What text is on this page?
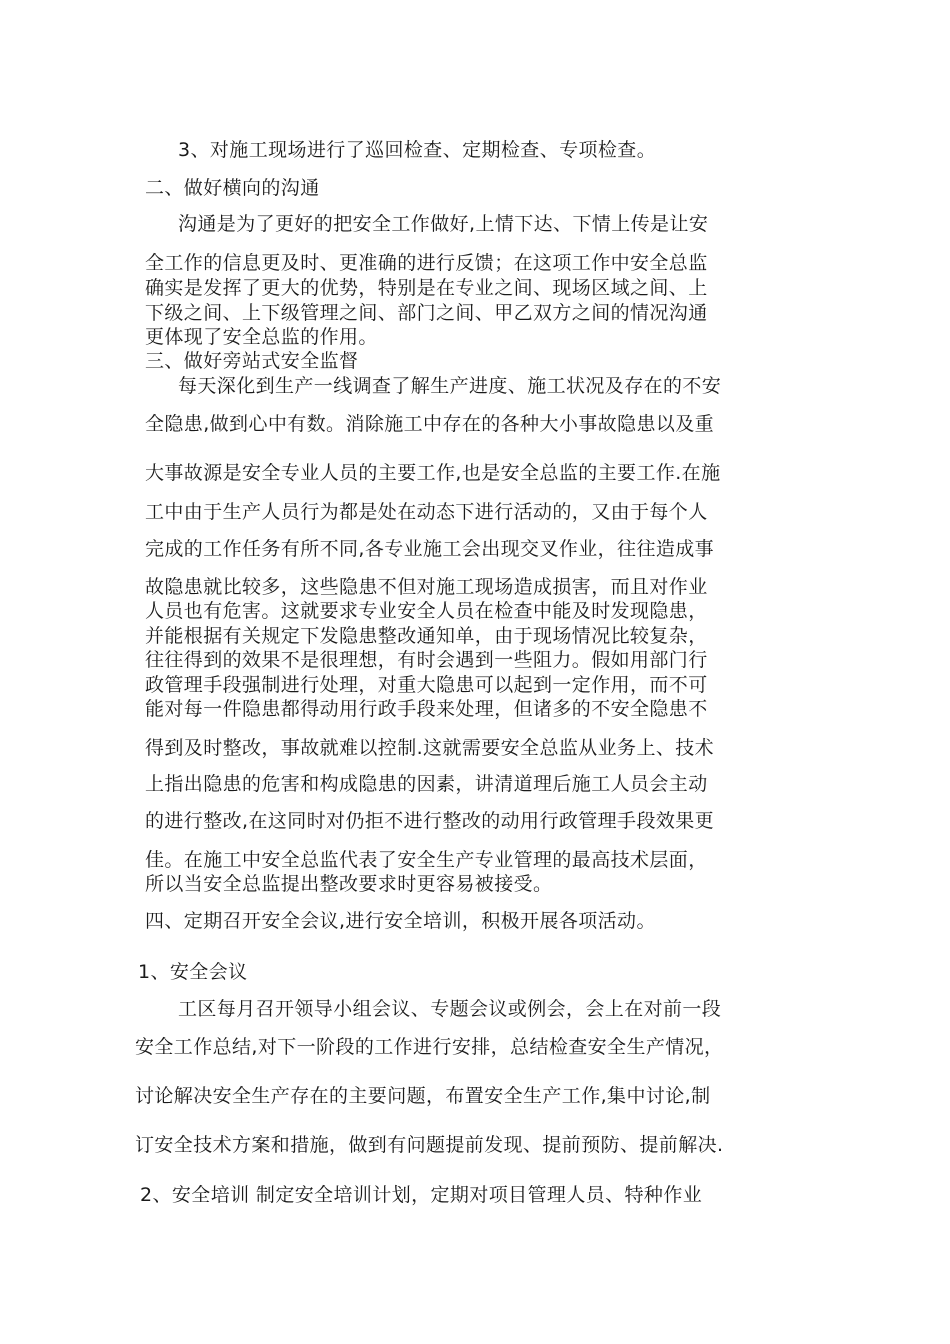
3、对施工现场进行了巡回检查、定期检查、专项检查。
二、做好横向的沟通
沟通是为了更好的把安全工作做好,上情下达、下情上传是让安
全工作的信息更及时、更准确的进行反馈；在这项工作中安全总监
确实是发挥了更大的优势，特别是在专业之间、现场区域之间、上
下级之间、上下级管理之间、部门之间、甲乙双方之间的情况沟通
更体现了安全总监的作用。
三、做好旁站式安全监督
每天深化到生产一线调查了解生产进度、施工状况及存在的不安
全隐患,做到心中有数。消除施工中存在的各种大小事故隐患以及重
大事故源是安全专业人员的主要工作,也是安全总监的主要工作.在施
工中由于生产人员行为都是处在动态下进行活动的，又由于每个人
完成的工作任务有所不同,各专业施工会出现交叉作业，往往造成事
故隐患就比较多，这些隐患不但对施工现场造成损害，而且对作业
人员也有危害。这就要求专业安全人员在检查中能及时发现隐患，
并能根据有关规定下发隐患整改通知单，由于现场情况比较复杂，
往往得到的效果不是很理想，有时会遇到一些阻力。假如用部门行
政管理手段强制进行处理，对重大隐患可以起到一定作用，而不可
能对每一件隐患都得动用行政手段来处理，但诸多的不安全隐患不
得到及时整改，事故就难以控制.这就需要安全总监从业务上、技术
上指出隐患的危害和构成隐患的因素，讲清道理后施工人员会主动
的进行整改,在这同时对仍拒不进行整改的动用行政管理手段效果更
佳。在施工中安全总监代表了安全生产专业管理的最高技术层面，
所以当安全总监提出整改要求时更容易被接受。
四、定期召开安全会议,进行安全培训，积极开展各项活动。
1、安全会议
工区每月召开领导小组会议、专题会议或例会，会上在对前一段
安全工作总结,对下一阶段的工作进行安排，总结检查安全生产情况，
讨论解决安全生产存在的主要问题，布置安全生产工作,集中讨论,制
订安全技术方案和措施，做到有问题提前发现、提前预防、提前解决.
2、安全培训 制定安全培训计划，定期对项目管理人员、特种作业
